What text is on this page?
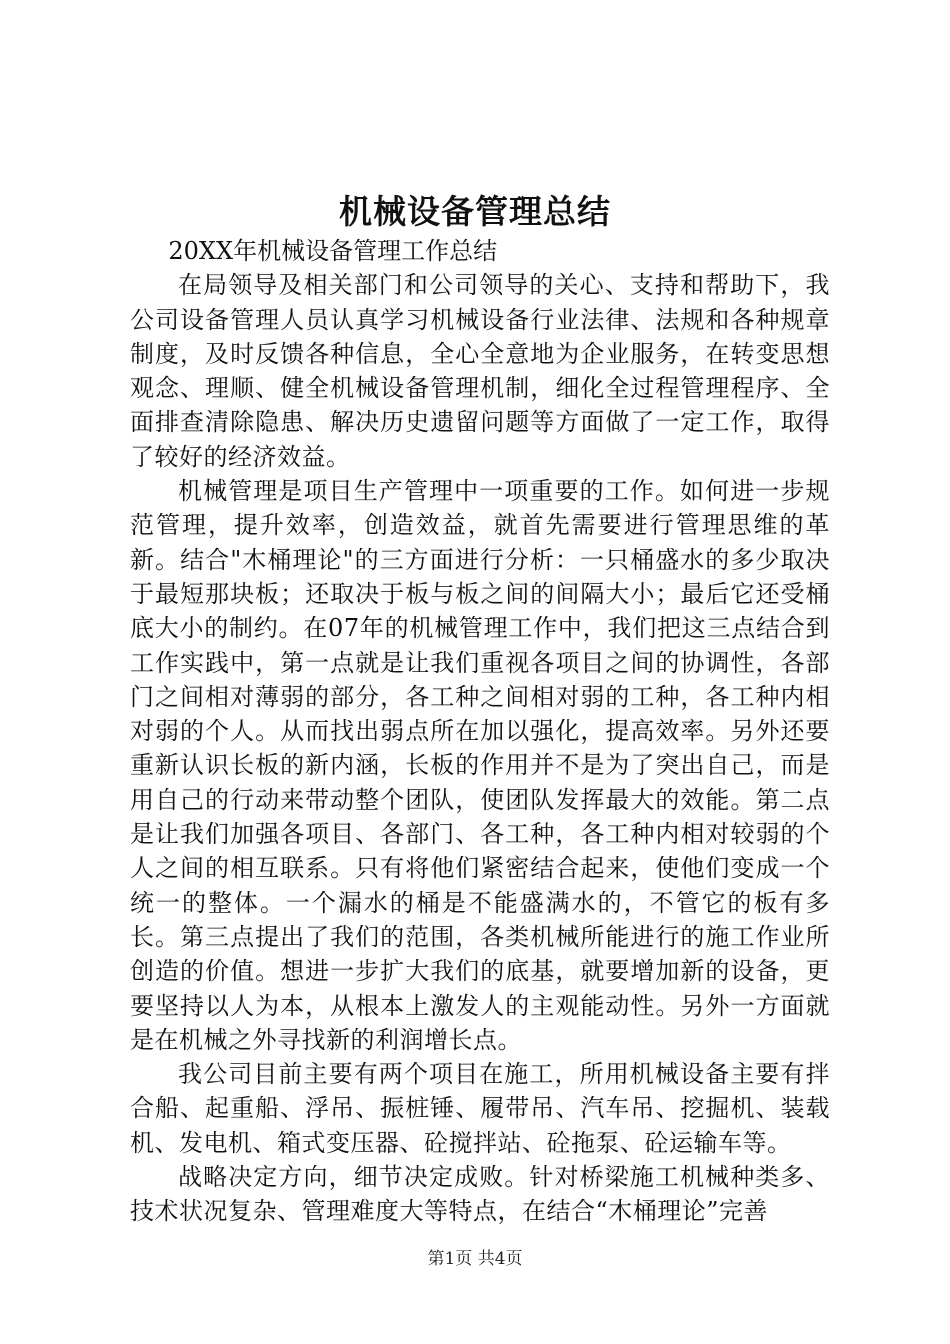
机械设备管理总结

20XX年机械设备管理工作总结

在局领导及相关部门和公司领导的关心、支持和帮助下，我公司设备管理人员认真学习机械设备行业法律、法规和各种规章制度，及时反馈各种信息，全心全意地为企业服务，在转变思想观念、理顺、健全机械设备管理机制，细化全过程管理程序、全面排查清除隐患、解决历史遗留问题等方面做了一定工作，取得了较好的经济效益。

机械管理是项目生产管理中一项重要的工作。如何进一步规范管理，提升效率，创造效益，就首先需要进行管理思维的革新。结合"木桶理论"的三方面进行分析：一只桶盛水的多少取决于最短那块板；还取决于板与板之间的间隔大小；最后它还受桶底大小的制约。在07年的机械管理工作中，我们把这三点结合到工作实践中，第一点就是让我们重视各项目之间的协调性，各部门之间相对薄弱的部分，各工种之间相对弱的工种，各工种内相对弱的个人。从而找出弱点所在加以强化，提高效率。另外还要重新认识长板的新内涵，长板的作用并不是为了突出自己，而是用自己的行动来带动整个团队，使团队发挥最大的效能。第二点是让我们加强各项目、各部门、各工种，各工种内相对较弱的个人之间的相互联系。只有将他们紧密结合起来，使他们变成一个统一的整体。一个漏水的桶是不能盛满水的，不管它的板有多长。第三点提出了我们的范围，各类机械所能进行的施工作业所创造的价值。想进一步扩大我们的底基，就要增加新的设备，更要坚持以人为本，从根本上激发人的主观能动性。另外一方面就是在机械之外寻找新的利润增长点。

我公司目前主要有两个项目在施工，所用机械设备主要有拌合船、起重船、浮吊、振桩锤、履带吊、汽车吊、挖掘机、装载机、发电机、箱式变压器、砼搅拌站、砼拖泵、砼运输车等。

战略决定方向，细节决定成败。针对桥梁施工机械种类多、技术状况复杂、管理难度大等特点，在结合“木桶理论”完善

第1页 共4页
